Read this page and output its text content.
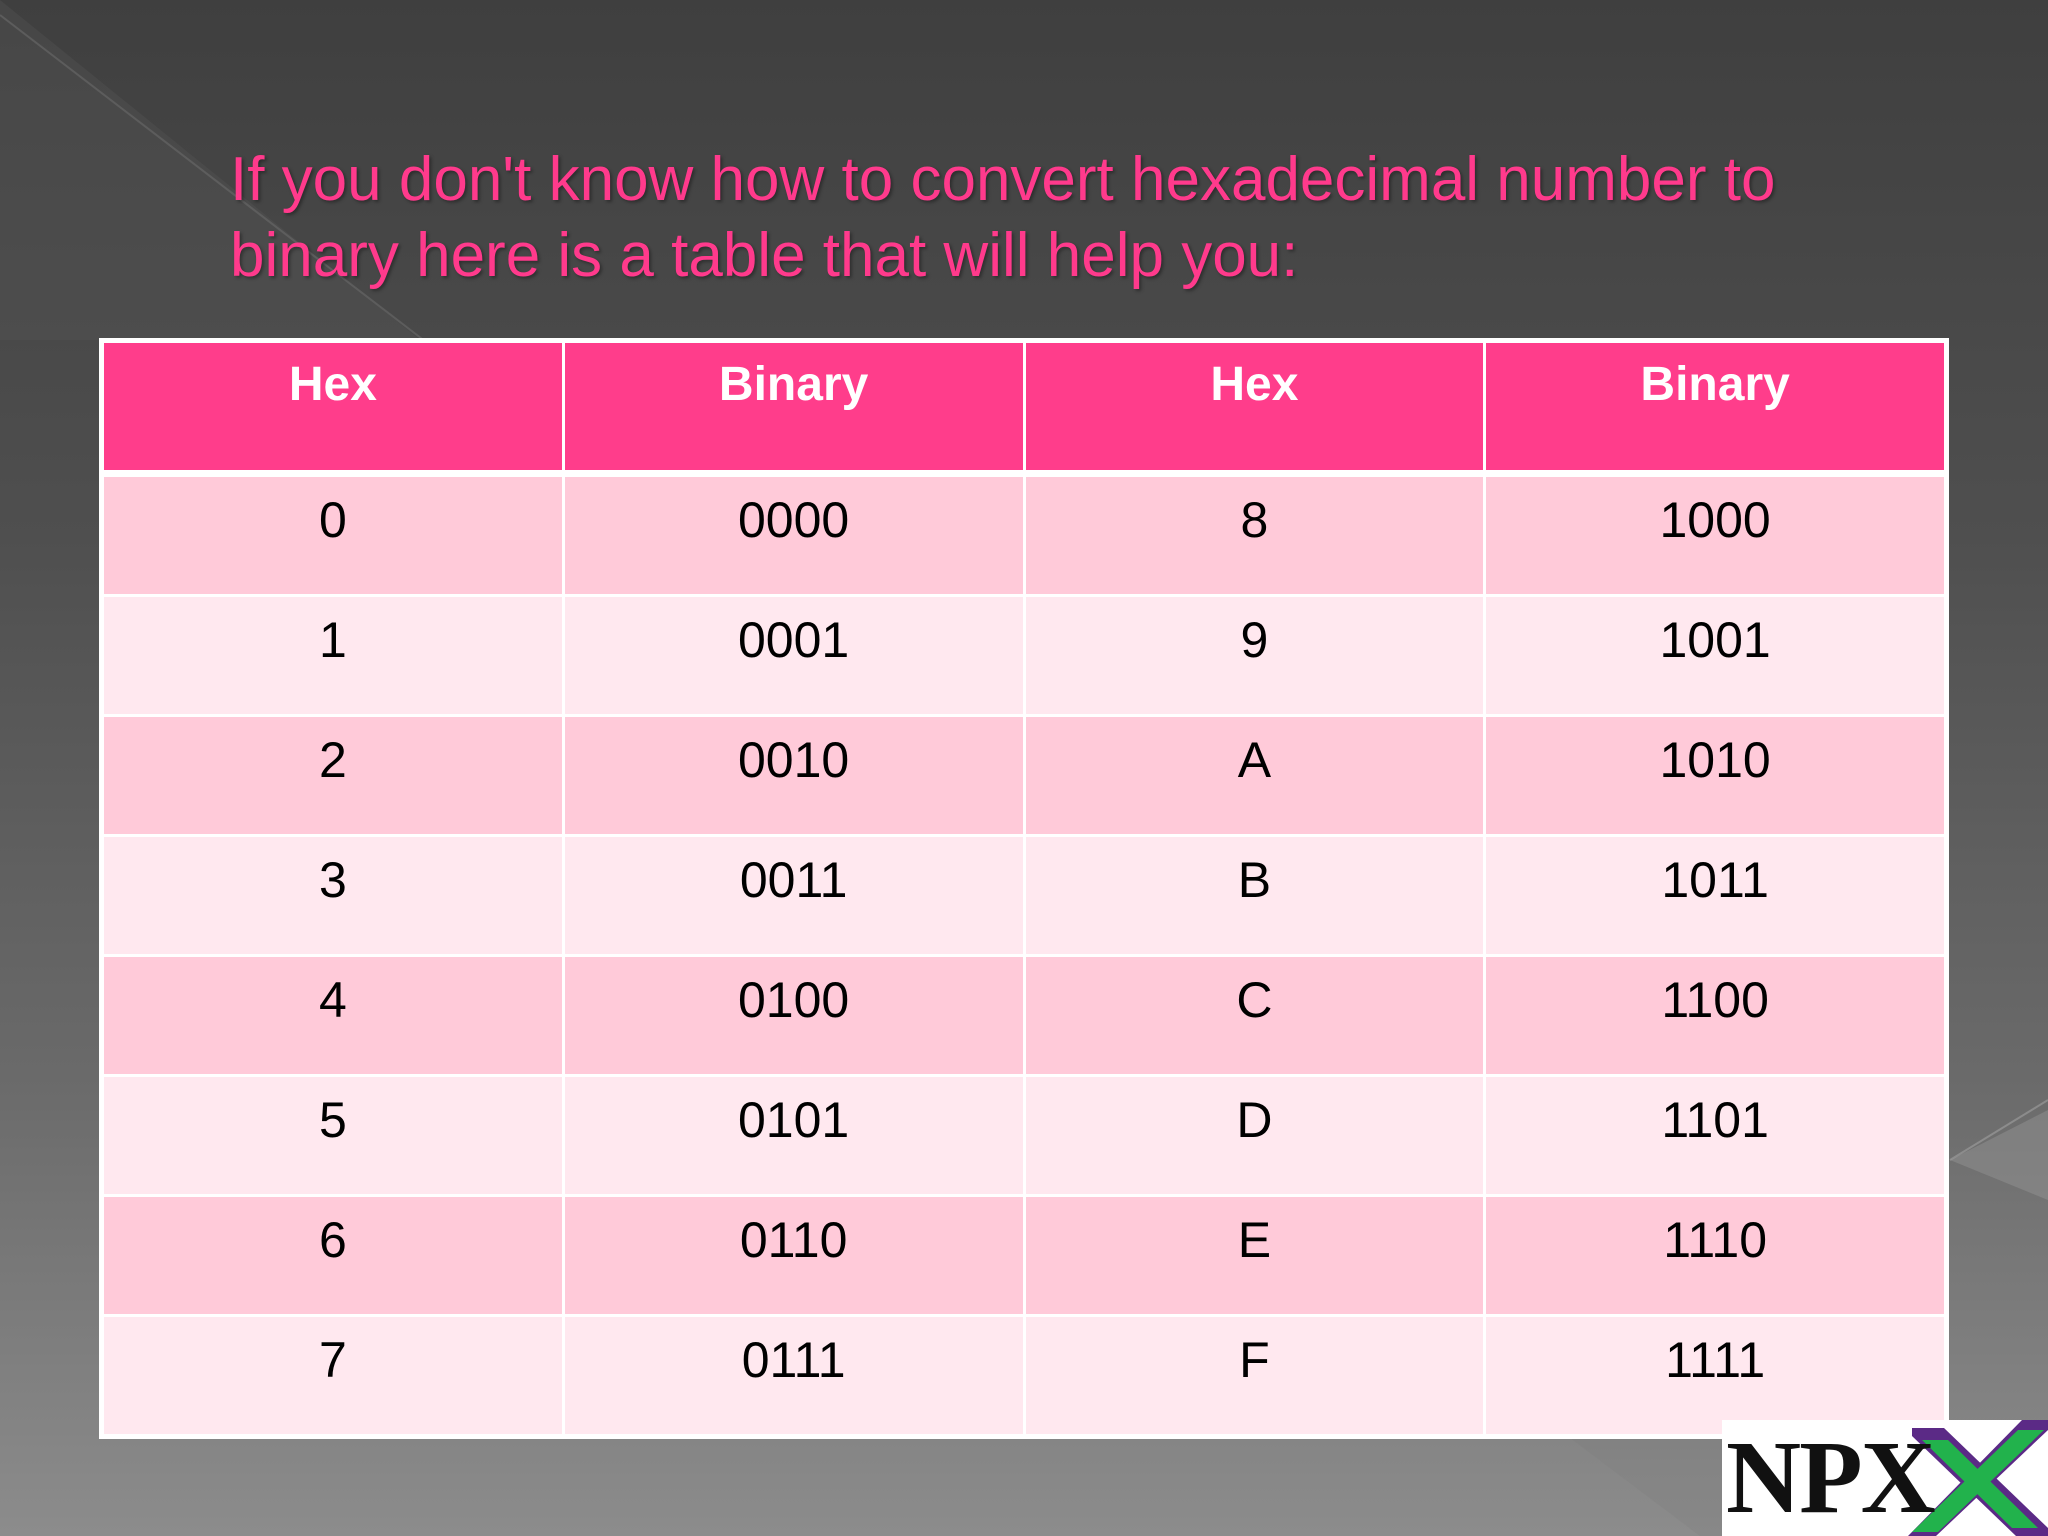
If you don't know how to convert hexadecimal number to binary here is a table that will help you:
Hex	Binary	Hex	Binary
0	0000	8	1000
1	0001	9	1001
2	0010	A	1010
3	0011	B	1011
4	0100	C	1100
5	0101	D	1101
6	0110	E	1110
7	0111	F	1111
NPX
